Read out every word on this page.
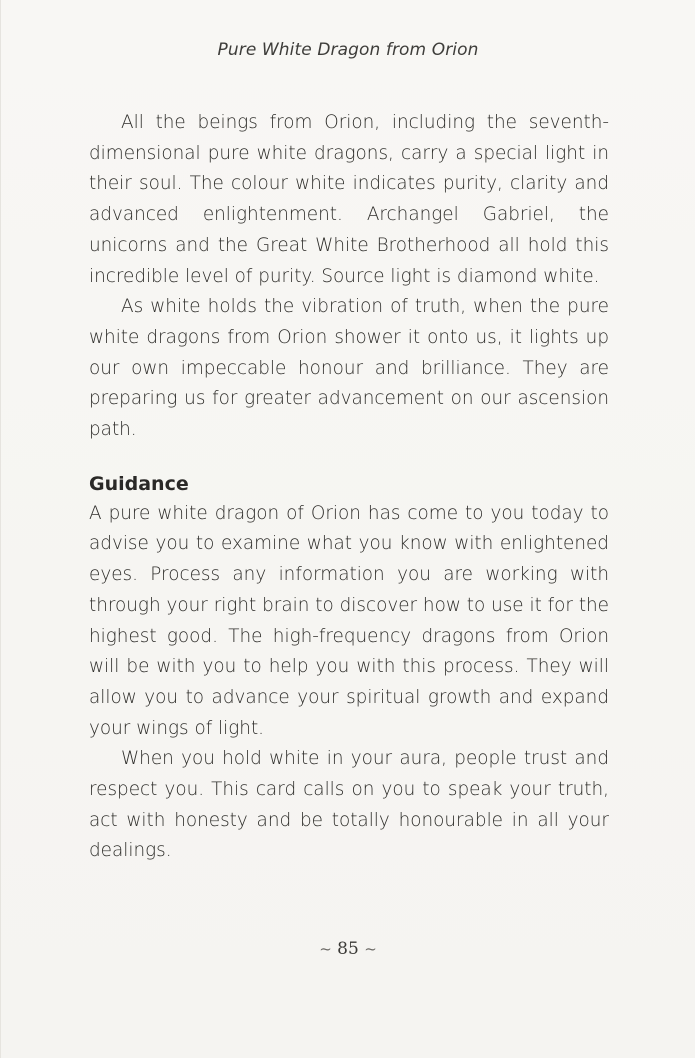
Pure White Dragon from Orion

All the beings from Orion, including the seventh-dimensional pure white dragons, carry a special light in their soul. The colour white indicates purity, clarity and advanced enlightenment. Archangel Gabriel, the unicorns and the Great White Brotherhood all hold this incredible level of purity. Source light is diamond white.

As white holds the vibration of truth, when the pure white dragons from Orion shower it onto us, it lights up our own impeccable honour and brilliance. They are preparing us for greater advancement on our ascension path.

Guidance

A pure white dragon of Orion has come to you today to advise you to examine what you know with enlightened eyes. Process any information you are working with through your right brain to discover how to use it for the highest good. The high-frequency dragons from Orion will be with you to help you with this process. They will allow you to advance your spiritual growth and expand your wings of light.

When you hold white in your aura, people trust and respect you. This card calls on you to speak your truth, act with honesty and be totally honourable in all your dealings.

~ 85 ~
